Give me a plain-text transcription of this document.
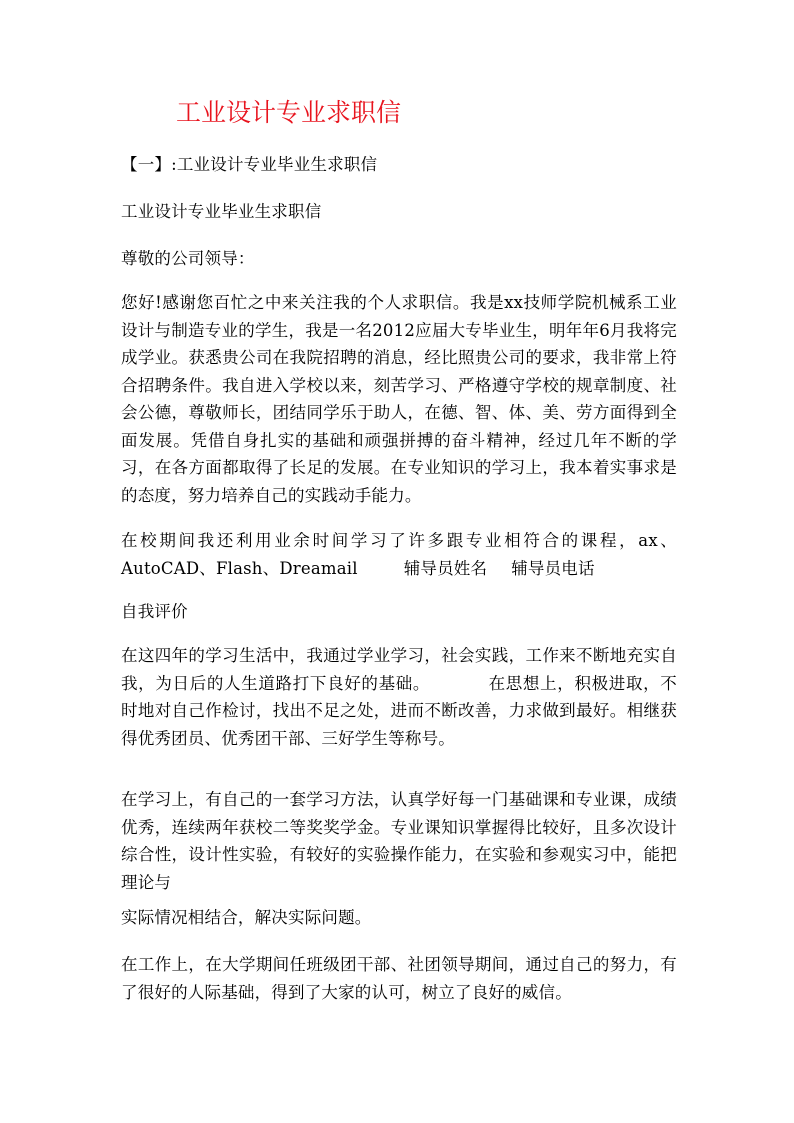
工业设计专业求职信
【一】:工业设计专业毕业生求职信
工业设计专业毕业生求职信
尊敬的公司领导：
您好!感谢您百忙之中来关注我的个人求职信。我是xx技师学院机械系工业设计与制造专业的学生，我是一名2012应届大专毕业生，明年年6月我将完成学业。获悉贵公司在我院招聘的消息，经比照贵公司的要求，我非常上符合招聘条件。我自进入学校以来，刻苦学习、严格遵守学校的规章制度、社会公德，尊敬师长，团结同学乐于助人，在德、智、体、美、劳方面得到全面发展。凭借自身扎实的基础和顽强拼搏的奋斗精神，经过几年不断的学习，在各方面都取得了长足的发展。在专业知识的学习上，我本着实事求是的态度，努力培养自己的实践动手能力。
在校期间我还利用业余时间学习了许多跟专业相符合的课程，ax、AutoCAD、Flash、Dreamail	辅导员姓名 辅导员电话
自我评价
在这四年的学习生活中，我通过学业学习，社会实践，工作来不断地充实自我，为日后的人生道路打下良好的基础。	在思想上，积极进取，不时地对自己作检讨，找出不足之处，进而不断改善，力求做到最好。相继获得优秀团员、优秀团干部、三好学生等称号。
在学习上，有自己的一套学习方法，认真学好每一门基础课和专业课，成绩优秀，连续两年获校二等奖奖学金。专业课知识掌握得比较好，且多次设计综合性，设计性实验，有较好的实验操作能力，在实验和参观实习中，能把理论与
实际情况相结合，解决实际问题。
在工作上，在大学期间任班级团干部、社团领导期间，通过自己的努力，有了很好的人际基础，得到了大家的认可，树立了良好的威信。
